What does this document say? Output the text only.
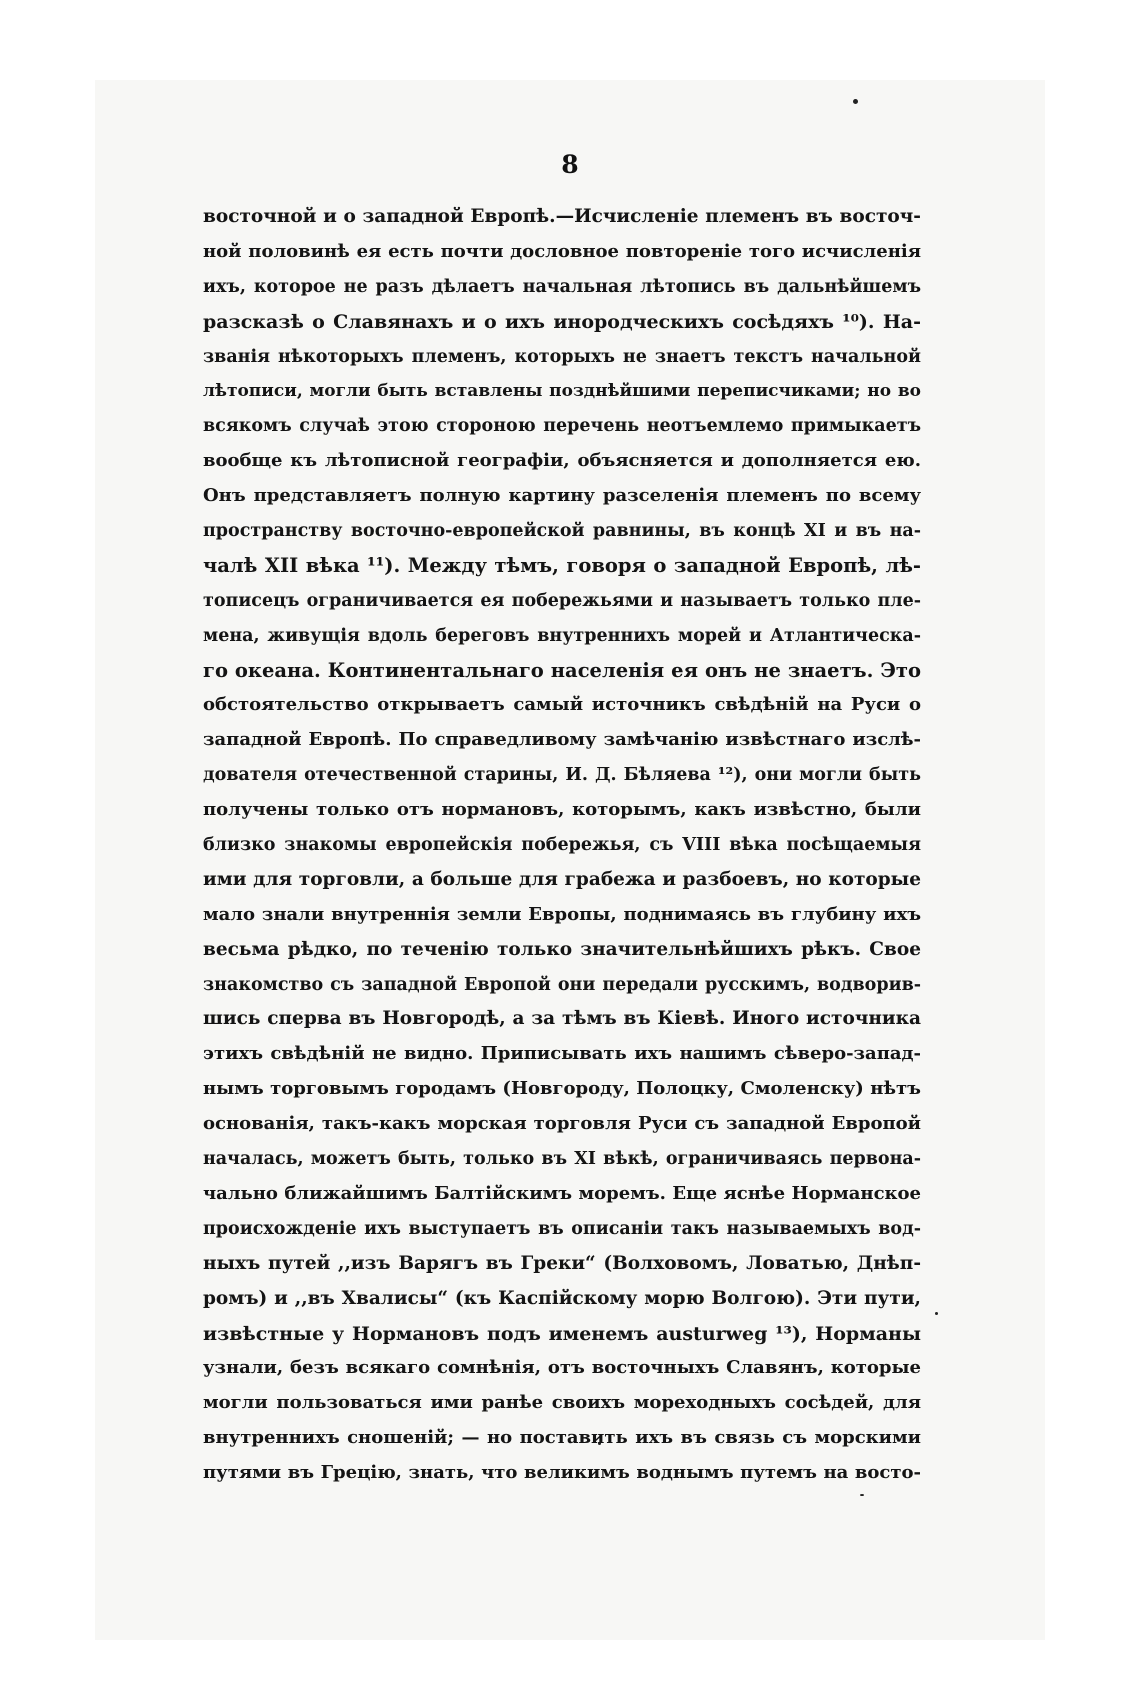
8
восточной и о западной Европѣ.—Исчисленіе племенъ въ восточ-
ной половинѣ ея есть почти дословное повтореніе того исчисленія
ихъ, которое не разъ дѣлаетъ начальная лѣтопись въ дальнѣйшемъ
разсказѣ о Славянахъ и о ихъ инородческихъ сосѣдяхъ ¹⁰). На-
званія нѣкоторыхъ племенъ, которыхъ не знаетъ текстъ начальной
лѣтописи, могли быть вставлены позднѣйшими переписчиками; но во
всякомъ случаѣ этою стороною перечень неотъемлемо примыкаетъ
вообще къ лѣтописной географіи, объясняется и дополняется ею.
Онъ представляетъ полную картину разселенія племенъ по всему
пространству восточно-европейской равнины, въ концѣ XI и въ на-
чалѣ XII вѣка ¹¹). Между тѣмъ, говоря о западной Европѣ, лѣ-
тописецъ ограничивается ея побережьями и называетъ только пле-
мена, живущія вдоль береговъ внутреннихъ морей и Атлантическа-
го океана. Континентальнаго населенія ея онъ не знаетъ. Это
обстоятельство открываетъ самый источникъ свѣдѣній на Руси о
западной Европѣ. По справедливому замѣчанію извѣстнаго изслѣ-
дователя отечественной старины, И. Д. Бѣляева ¹²), они могли быть
получены только отъ нормановъ, которымъ, какъ извѣстно, были
близко знакомы европейскія побережья, съ VIII вѣка посѣщаемыя
ими для торговли, а больше для грабежа и разбоевъ, но которые
мало знали внутреннія земли Европы, поднимаясь въ глубину ихъ
весьма рѣдко, по теченію только значительнѣйшихъ рѣкъ. Свое
знакомство съ западной Европой они передали русскимъ, водворив-
шись сперва въ Новгородѣ, а за тѣмъ въ Кіевѣ. Иного источника
этихъ свѣдѣній не видно. Приписывать ихъ нашимъ сѣверо-запад-
нымъ торговымъ городамъ (Новгороду, Полоцку, Смоленску) нѣтъ
основанія, такъ-какъ морская торговля Руси съ западной Европой
началась, можетъ быть, только въ XI вѣкѣ, ограничиваясь первона-
чально ближайшимъ Балтійскимъ моремъ. Еще яснѣе Норманское
происхожденіе ихъ выступаетъ въ описаніи такъ называемыхъ вод-
ныхъ путей ,,изъ Варягъ въ Греки“ (Волховомъ, Ловатью, Днѣп-
ромъ) и ,,въ Хвалисы“ (къ Каспійскому морю Волгою). Эти пути,
извѣстные у Нормановъ подъ именемъ austurweg ¹³), Норманы
узнали, безъ всякаго сомнѣнія, отъ восточныхъ Славянъ, которые
могли пользоваться ими ранѣе своихъ мореходныхъ сосѣдей, для
внутреннихъ сношеній; — но поставить ихъ въ связь съ морскими
путями въ Грецію, знать, что великимъ воднымъ путемъ на восто-
